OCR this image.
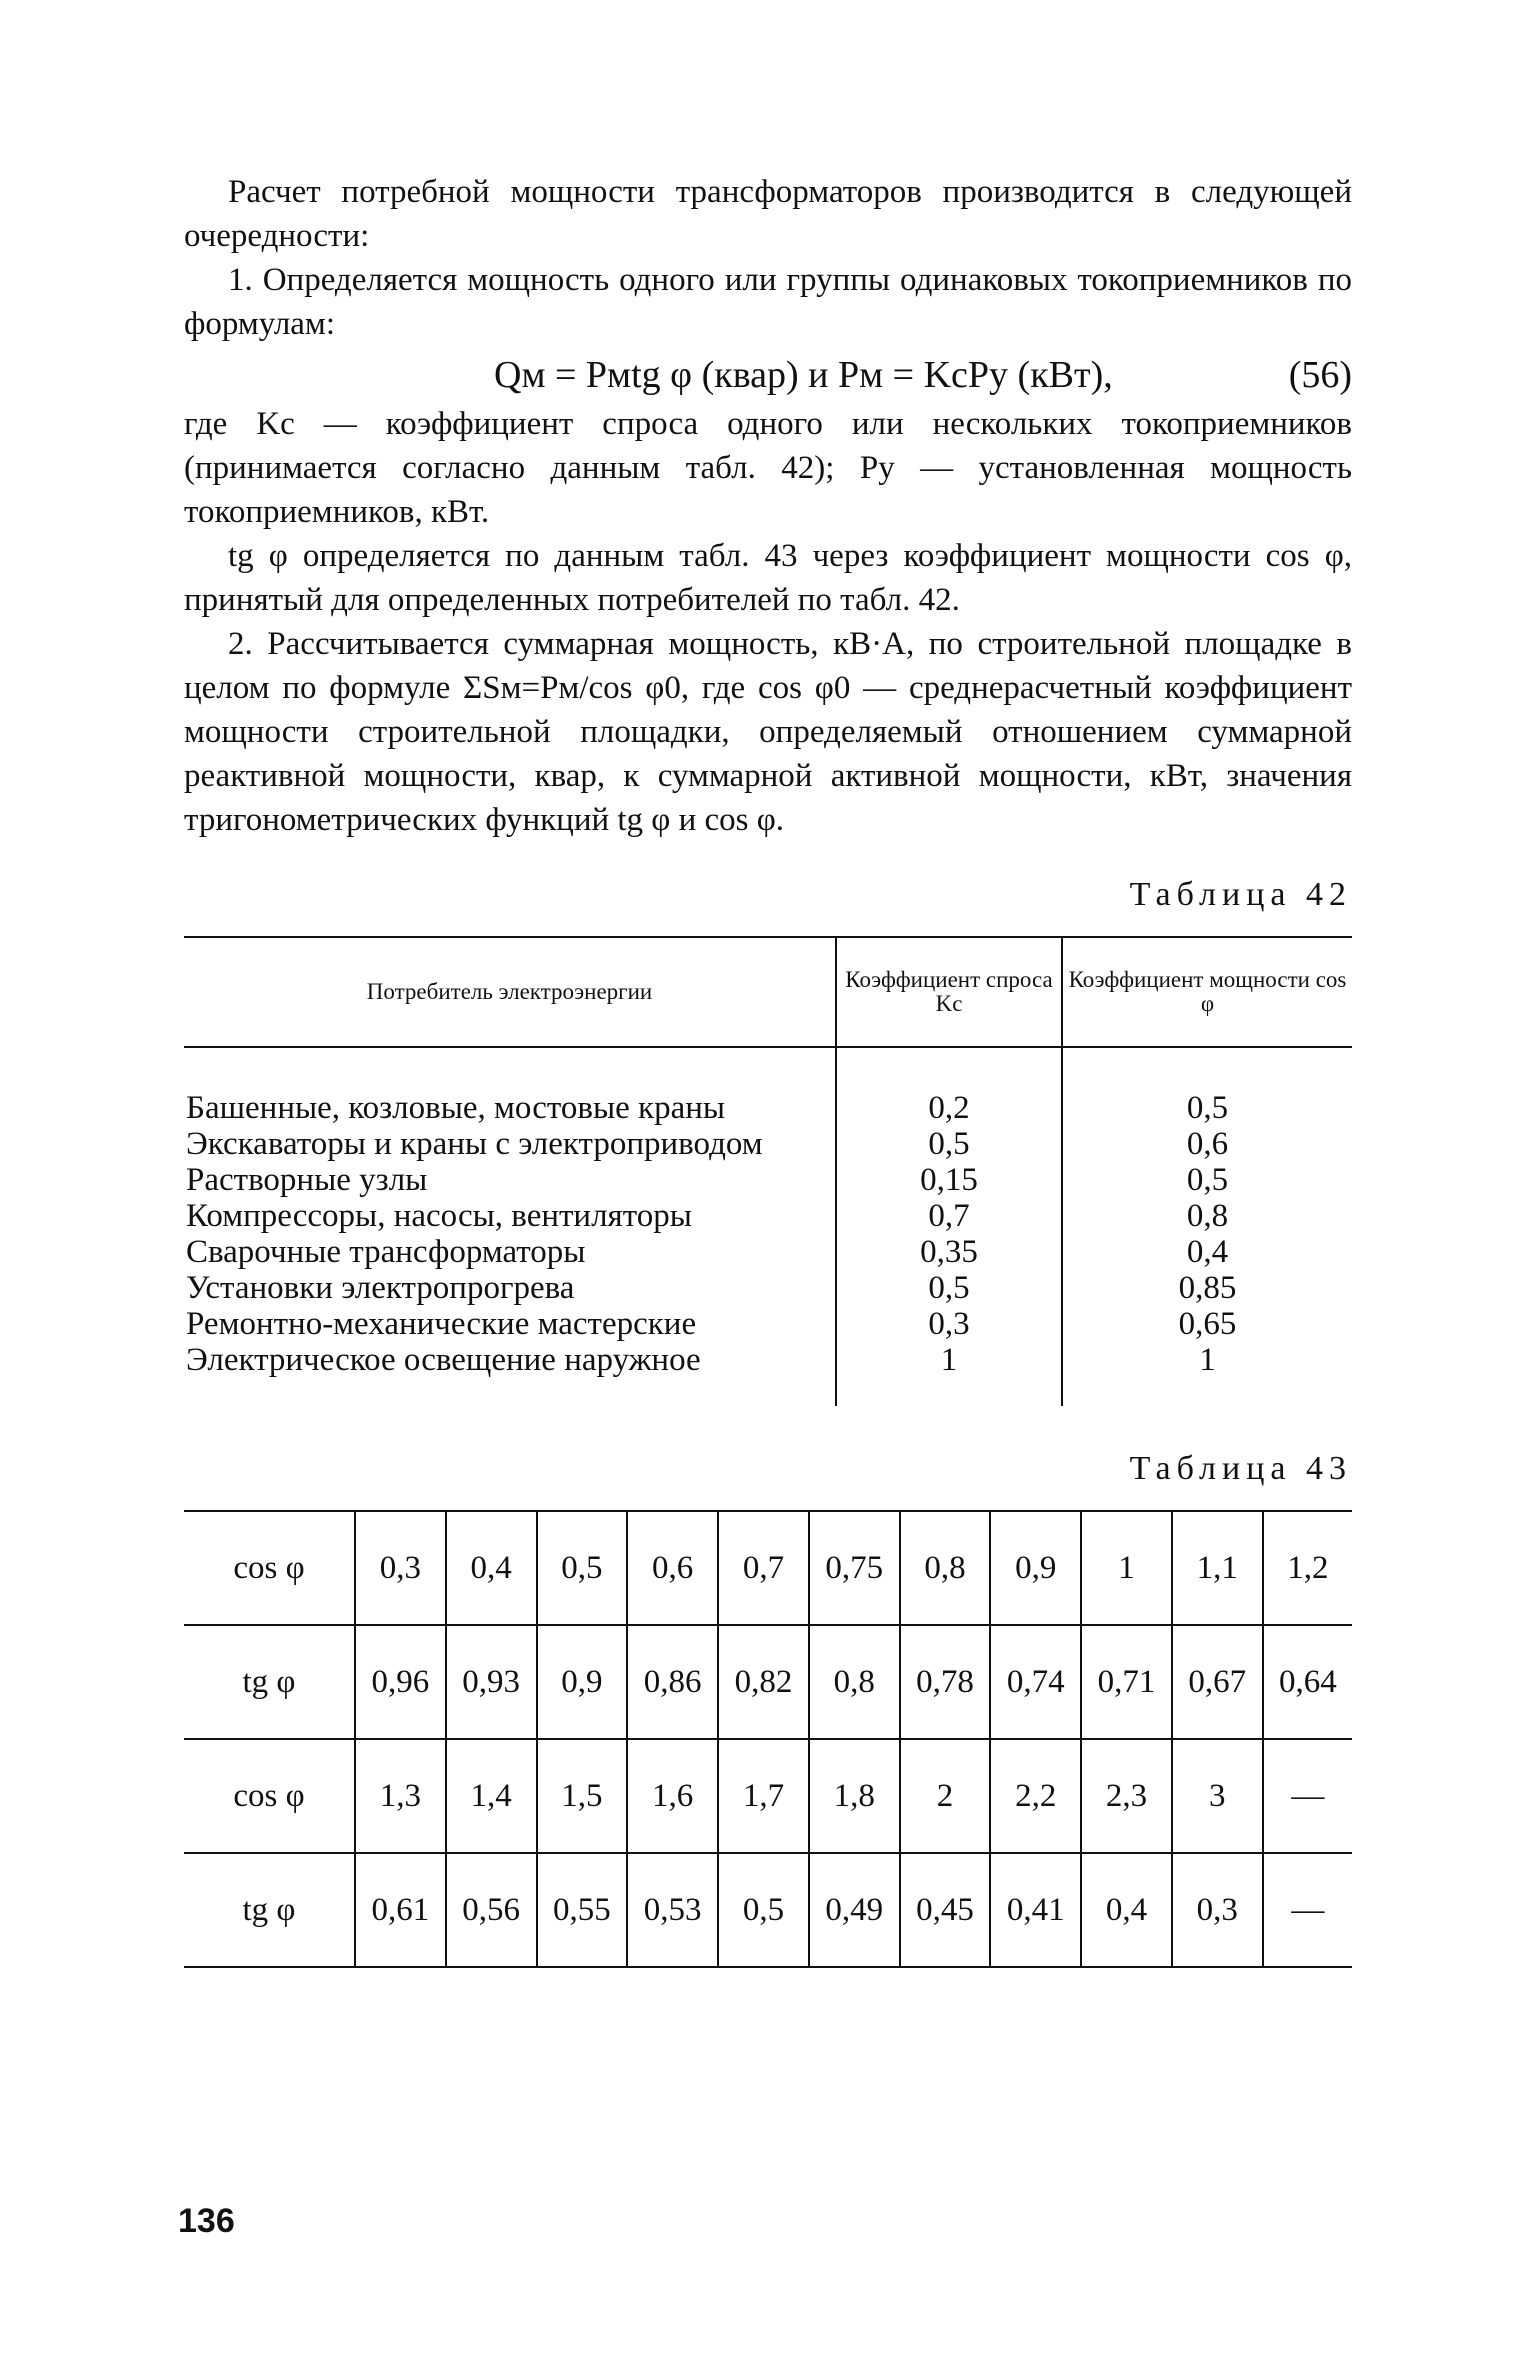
Расчет потребной мощности трансформаторов производится в следующей очередности:

1. Определяется мощность одного или группы одинаковых токоприемников по формулам:

Qм = Pмtg φ (квар) и Pм = KсPу (кВт),	(56)

где Kс — коэффициент спроса одного или нескольких токоприемников (принимается согласно данным табл. 42); Pу — установленная мощность токоприемников, кВт.

tg φ определяется по данным табл. 43 через коэффициент мощности cos φ, принятый для определенных потребителей по табл. 42.

2. Рассчитывается суммарная мощность, кВ·А, по строительной площадке в целом по формуле ΣSм=Pм/cos φ0, где cos φ0 — среднерасчетный коэффициент мощности строительной площадки, определяемый отношением суммарной реактивной мощности, квар, к суммарной активной мощности, кВт, значения тригонометрических функций tg φ и cos φ.

Таблица 42
Потребитель электроэнергии	Коэффициент спроса Kс	Коэффициент мощности cos φ
Башенные, козловые, мостовые краны	0,2	0,5
Экскаваторы и краны с электроприводом	0,5	0,6
Растворные узлы	0,15	0,5
Компрессоры, насосы, вентиляторы	0,7	0,8
Сварочные трансформаторы	0,35	0,4
Установки электропрогрева	0,5	0,85
Ремонтно-механические мастерские	0,3	0,65
Электрическое освещение наружное	1	1
Таблица 43
cos φ	0,3	0,4	0,5	0,6	0,7	0,75	0,8	0,9	1	1,1	1,2
tg φ	0,96	0,93	0,9	0,86	0,82	0,8	0,78	0,74	0,71	0,67	0,64
cos φ	1,3	1,4	1,5	1,6	1,7	1,8	2	2,2	2,3	3	—
tg φ	0,61	0,56	0,55	0,53	0,5	0,49	0,45	0,41	0,4	0,3	—
136
